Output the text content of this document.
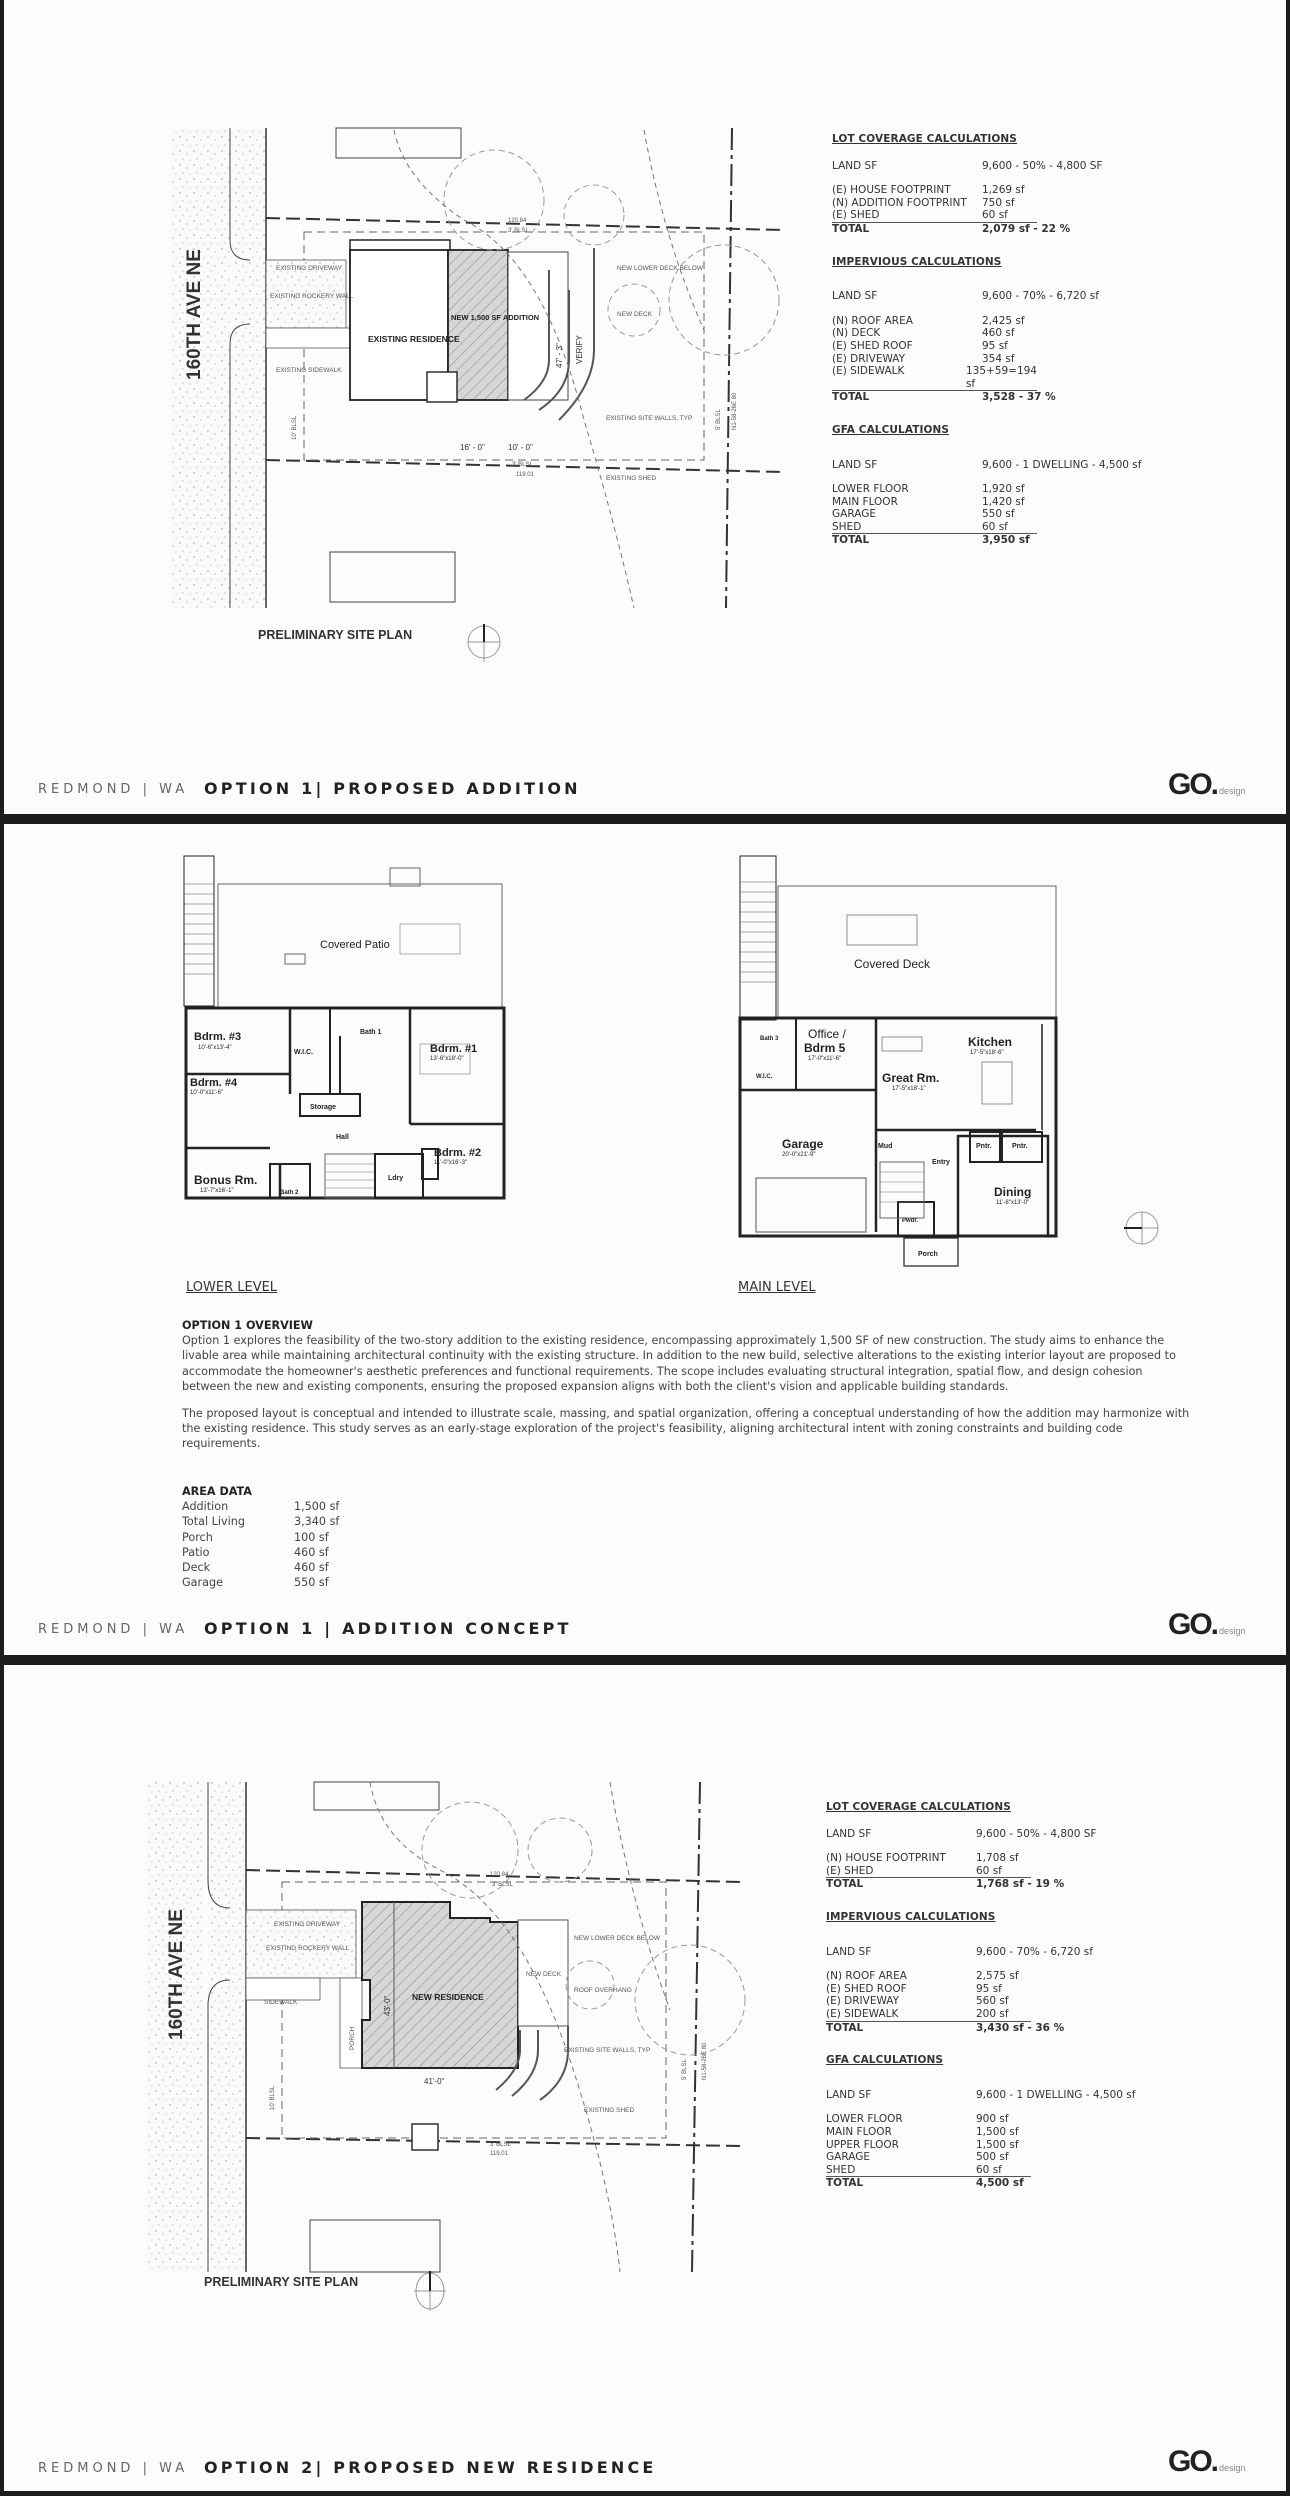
160TH AVE NE	EXISTING DRIVEWAY
EXISTING ROCKERY WALL
EXISTING SIDEWALK
EXISTING RESIDENCE
NEW 1,500 SF ADDITION
NEW LOWER DECK BELOW
NEW DECK
EXISTING SITE WALLS, TYP
EXISTING SHED
16' - 0"	10' - 0"
47' - 3" VERIFY
N1-58-26E 80
120.84
3' BLSL
119.01
3' BLSL
5' BLSL
10' BLSL
PRELIMINARY SITE PLAN
LOT COVERAGE CALCULATIONS
LAND SF	9,600 - 50% - 4,800 SF
(E) HOUSE FOOTPRINT	1,269 sf
(N) ADDITION FOOTPRINT	750 sf
(E) SHED	60 sf
TOTAL	2,079 sf - 22 %
IMPERVIOUS CALCULATIONS
LAND SF	9,600 - 70% - 6,720 sf
(N) ROOF AREA	2,425 sf
(N) DECK	460 sf
(E) SHED ROOF	95 sf
(E) DRIVEWAY	354 sf
(E) SIDEWALK	135+59=194 sf
TOTAL	3,528 - 37 %
GFA CALCULATIONS
LAND SF	9,600 - 1 DWELLING - 4,500 sf
LOWER FLOOR	1,920 sf
MAIN FLOOR	1,420 sf
GARAGE	550 sf
SHED	60 sf
TOTAL	3,950 sf
REDMOND | WA OPTION 1| PROPOSED ADDITION	GO. design
Covered Patio
Bdrm. #3
10'-6"x13'-4"
W.I.C.
Bath 1
Bdrm. #1
13'-6"x18'-0"
Bdrm. #4
10'-0"x11'-6"
Storage
Hall
Bdrm. #2
11'-0"x16'-3"
Bonus Rm.
13'-7"x16'-1"	Bath 2
Ldry
LOWER LEVEL
Covered Deck
Bath 3 Office /
Bdrm 5
17'-0"x11'-6"
W.I.C.	Great Rm.
17'-5"x18'-1"
Kitchen
17'-5"x18'-6"
Garage
20'-0"x21'-9"
Mud
Entry
Pntr.	Pntr.
Dining
11'-8"x13'-0"
Pwdr.
Porch
MAIN LEVEL
OPTION 1 OVERVIEW
Option 1 explores the feasibility of the two-story addition to the existing residence, encompassing approximately 1,500 SF of new construction. The study aims to enhance the livable area while maintaining architectural continuity with the existing structure. In addition to the new build, selective alterations to the existing interior layout are proposed to accommodate the homeowner's aesthetic preferences and functional requirements. The scope includes evaluating structural integration, spatial flow, and design cohesion between the new and existing components, ensuring the proposed expansion aligns with both the client's vision and applicable building standards.
The proposed layout is conceptual and intended to illustrate scale, massing, and spatial organization, offering a conceptual understanding of how the addition may harmonize with the existing residence. This study serves as an early-stage exploration of the project's feasibility, aligning architectural intent with zoning constraints and building code requirements.
AREA DATA
Addition	1,500 sf
Total Living	3,340 sf
Porch	100 sf
Patio	460 sf
Deck	460 sf
Garage	550 sf
REDMOND | WA OPTION 1 | ADDITION CONCEPT	GO. design
160TH AVE NE	EXISTING DRIVEWAY
EXISTING ROCKERY WALL
SIDEWALK
PORCH
NEW RESIDENCE
NEW DECK
NEW LOWER DECK BELOW
ROOF OVERHANG
EXISTING SITE WALLS, TYP
EXISTING SHED
43'-0"
41'-0"
N1-58-26E 80
120.84
3' BLSL
119.01
3' BLSL
5' BLSL
10' BLSL
PRELIMINARY SITE PLAN
LOT COVERAGE CALCULATIONS
LAND SF	9,600 - 50% - 4,800 SF
(N) HOUSE FOOTPRINT	1,708 sf
(E) SHED	60 sf
TOTAL	1,768 sf - 19 %
IMPERVIOUS CALCULATIONS
LAND SF	9,600 - 70% - 6,720 sf
(N) ROOF AREA	2,575 sf
(E) SHED ROOF	95 sf
(E) DRIVEWAY	560 sf
(E) SIDEWALK	200 sf
TOTAL	3,430 sf - 36 %
GFA CALCULATIONS
LAND SF	9,600 - 1 DWELLING - 4,500 sf
LOWER FLOOR	900 sf
MAIN FLOOR	1,500 sf
UPPER FLOOR	1,500 sf
GARAGE	500 sf
SHED	60 sf
TOTAL	4,500 sf
REDMOND | WA OPTION 2| PROPOSED NEW RESIDENCE	GO. design
